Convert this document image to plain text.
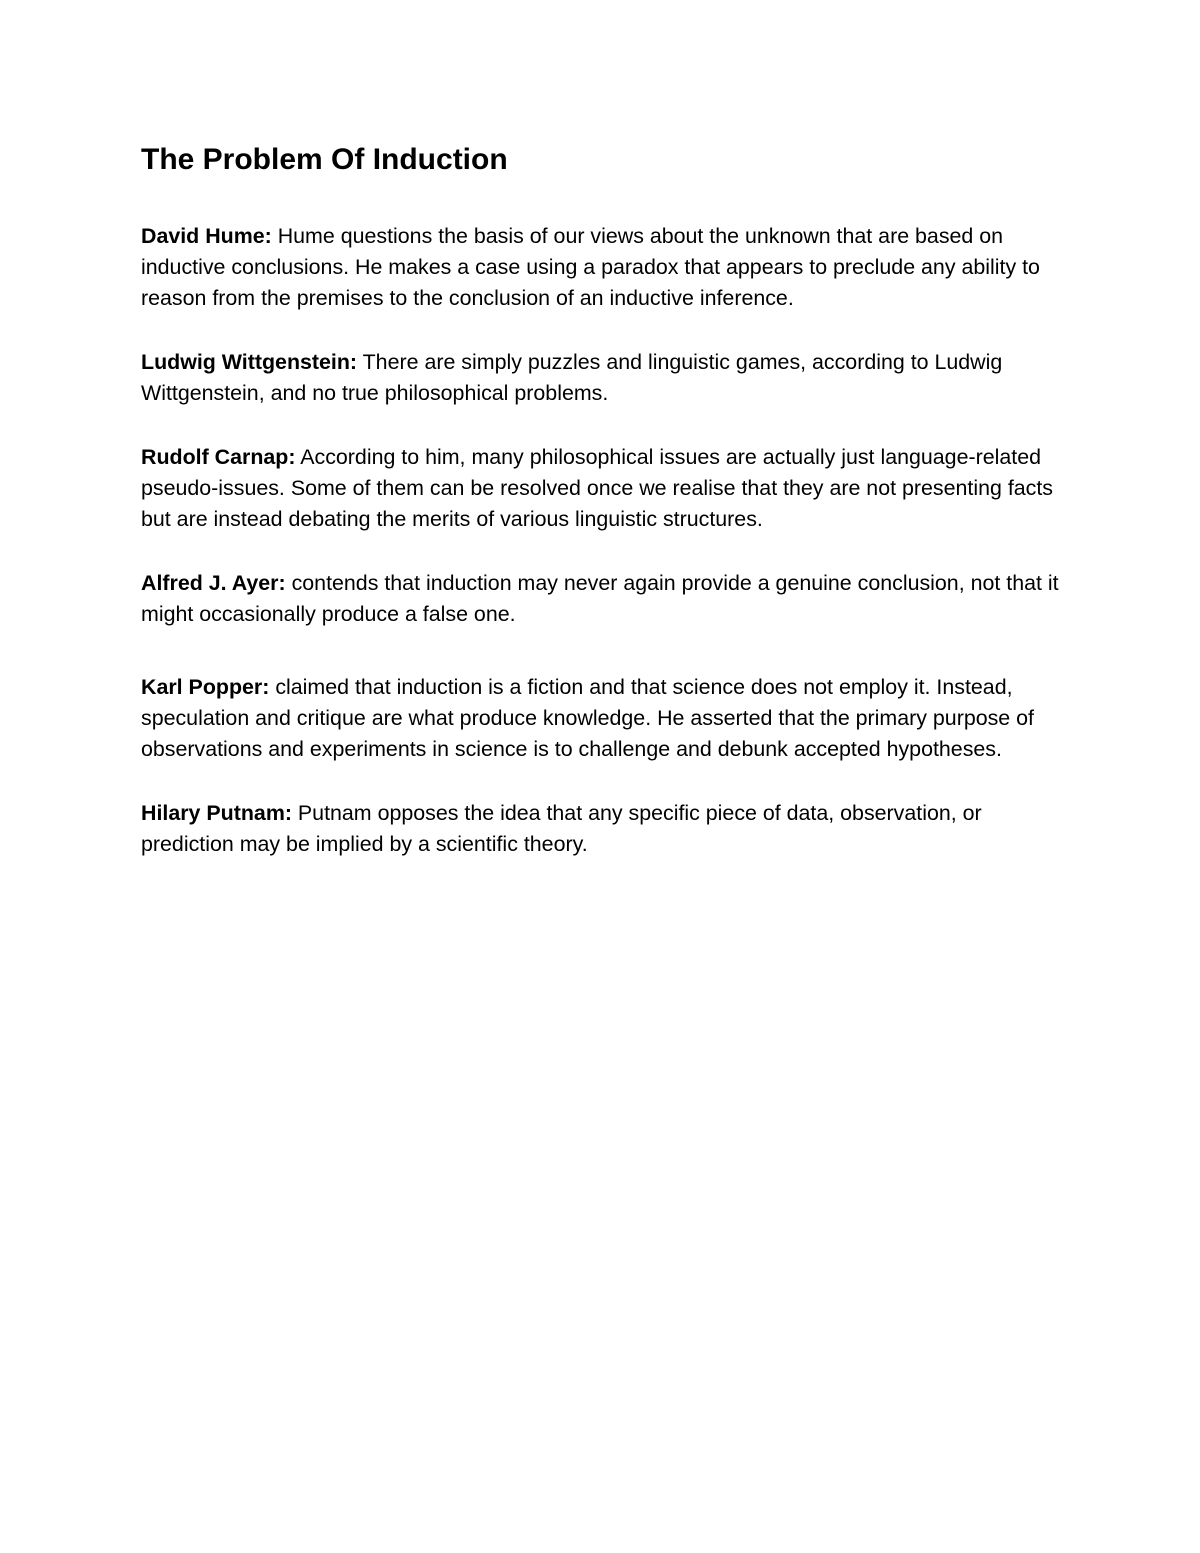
The Problem Of Induction

David Hume: Hume questions the basis of our views about the unknown that are based on inductive conclusions. He makes a case using a paradox that appears to preclude any ability to reason from the premises to the conclusion of an inductive inference.

Ludwig Wittgenstein: There are simply puzzles and linguistic games, according to Ludwig Wittgenstein, and no true philosophical problems.

Rudolf Carnap: According to him, many philosophical issues are actually just language-related pseudo-issues. Some of them can be resolved once we realise that they are not presenting facts but are instead debating the merits of various linguistic structures.

Alfred J. Ayer: contends that induction may never again provide a genuine conclusion, not that it might occasionally produce a false one.

Karl Popper: claimed that induction is a fiction and that science does not employ it. Instead, speculation and critique are what produce knowledge. He asserted that the primary purpose of observations and experiments in science is to challenge and debunk accepted hypotheses.

Hilary Putnam: Putnam opposes the idea that any specific piece of data, observation, or prediction may be implied by a scientific theory.
